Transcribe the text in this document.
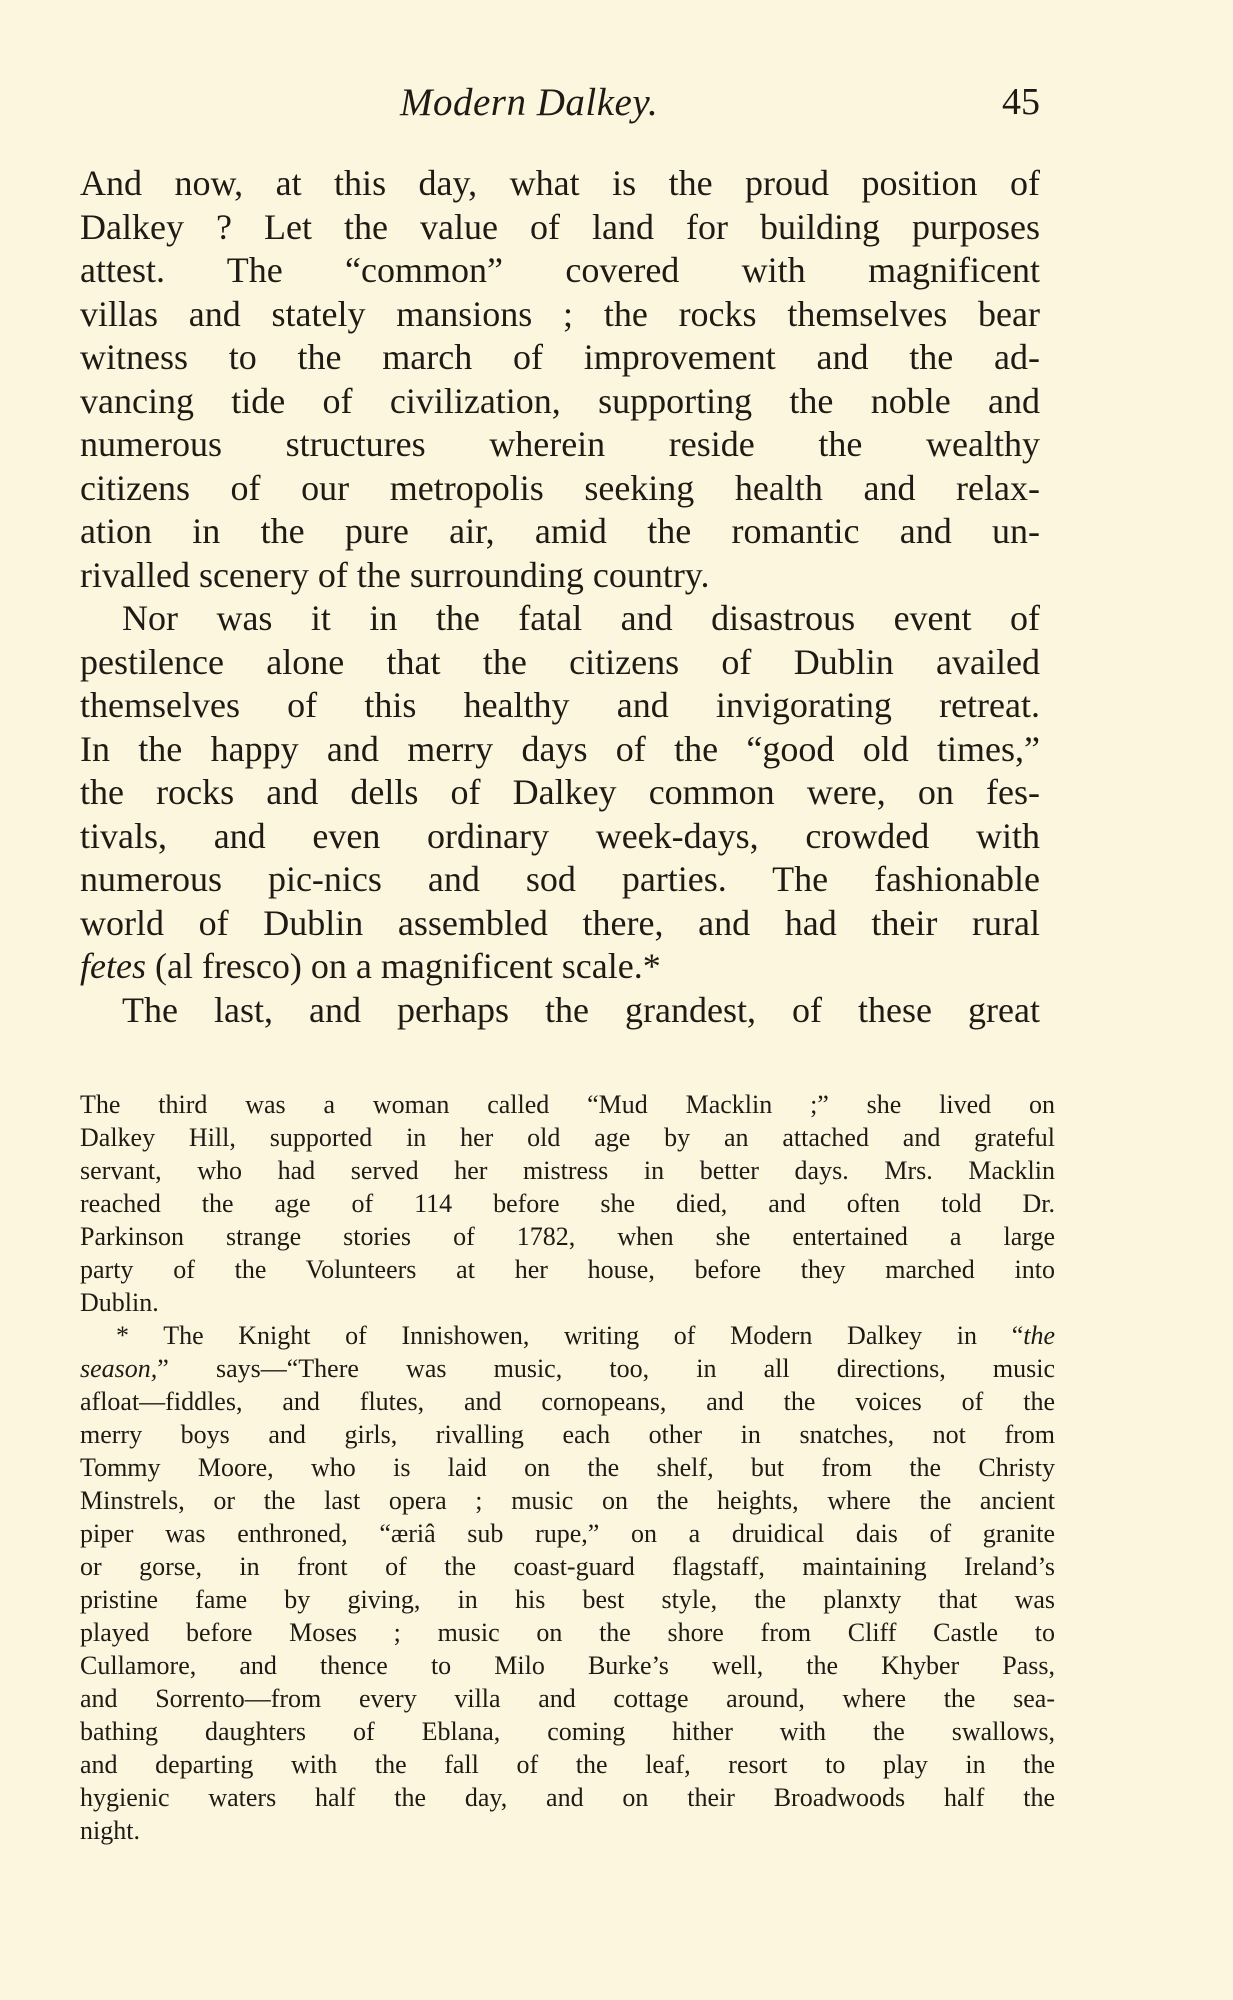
Modern Dalkey.	45
And now, at this day, what is the proud position of
Dalkey ? Let the value of land for building purposes
attest. The “common” covered with magnificent
villas and stately mansions ; the rocks themselves bear
witness to the march of improvement and the ad-
vancing tide of civilization, supporting the noble and
numerous structures wherein reside the wealthy
citizens of our metropolis seeking health and relax-
ation in the pure air, amid the romantic and un-
rivalled scenery of the surrounding country.
Nor was it in the fatal and disastrous event of
pestilence alone that the citizens of Dublin availed
themselves of this healthy and invigorating retreat.
In the happy and merry days of the “good old times,”
the rocks and dells of Dalkey common were, on fes-
tivals, and even ordinary week-days, crowded with
numerous pic-nics and sod parties. The fashionable
world of Dublin assembled there, and had their rural
fetes (al fresco) on a magnificent scale.*
The last, and perhaps the grandest, of these great
The third was a woman called “Mud Macklin ;” she lived on
Dalkey Hill, supported in her old age by an attached and grateful
servant, who had served her mistress in better days. Mrs. Macklin
reached the age of 114 before she died, and often told Dr.
Parkinson strange stories of 1782, when she entertained a large
party of the Volunteers at her house, before they marched into
Dublin.
* The Knight of Innishowen, writing of Modern Dalkey in “the
season,” says—“There was music, too, in all directions, music
afloat—fiddles, and flutes, and cornopeans, and the voices of the
merry boys and girls, rivalling each other in snatches, not from
Tommy Moore, who is laid on the shelf, but from the Christy
Minstrels, or the last opera ; music on the heights, where the ancient
piper was enthroned, “æriâ sub rupe,” on a druidical dais of granite
or gorse, in front of the coast-guard flagstaff, maintaining Ireland’s
pristine fame by giving, in his best style, the planxty that was
played before Moses ; music on the shore from Cliff Castle to
Cullamore, and thence to Milo Burke’s well, the Khyber Pass,
and Sorrento—from every villa and cottage around, where the sea-
bathing daughters of Eblana, coming hither with the swallows,
and departing with the fall of the leaf, resort to play in the
hygienic waters half the day, and on their Broadwoods half the
night.
